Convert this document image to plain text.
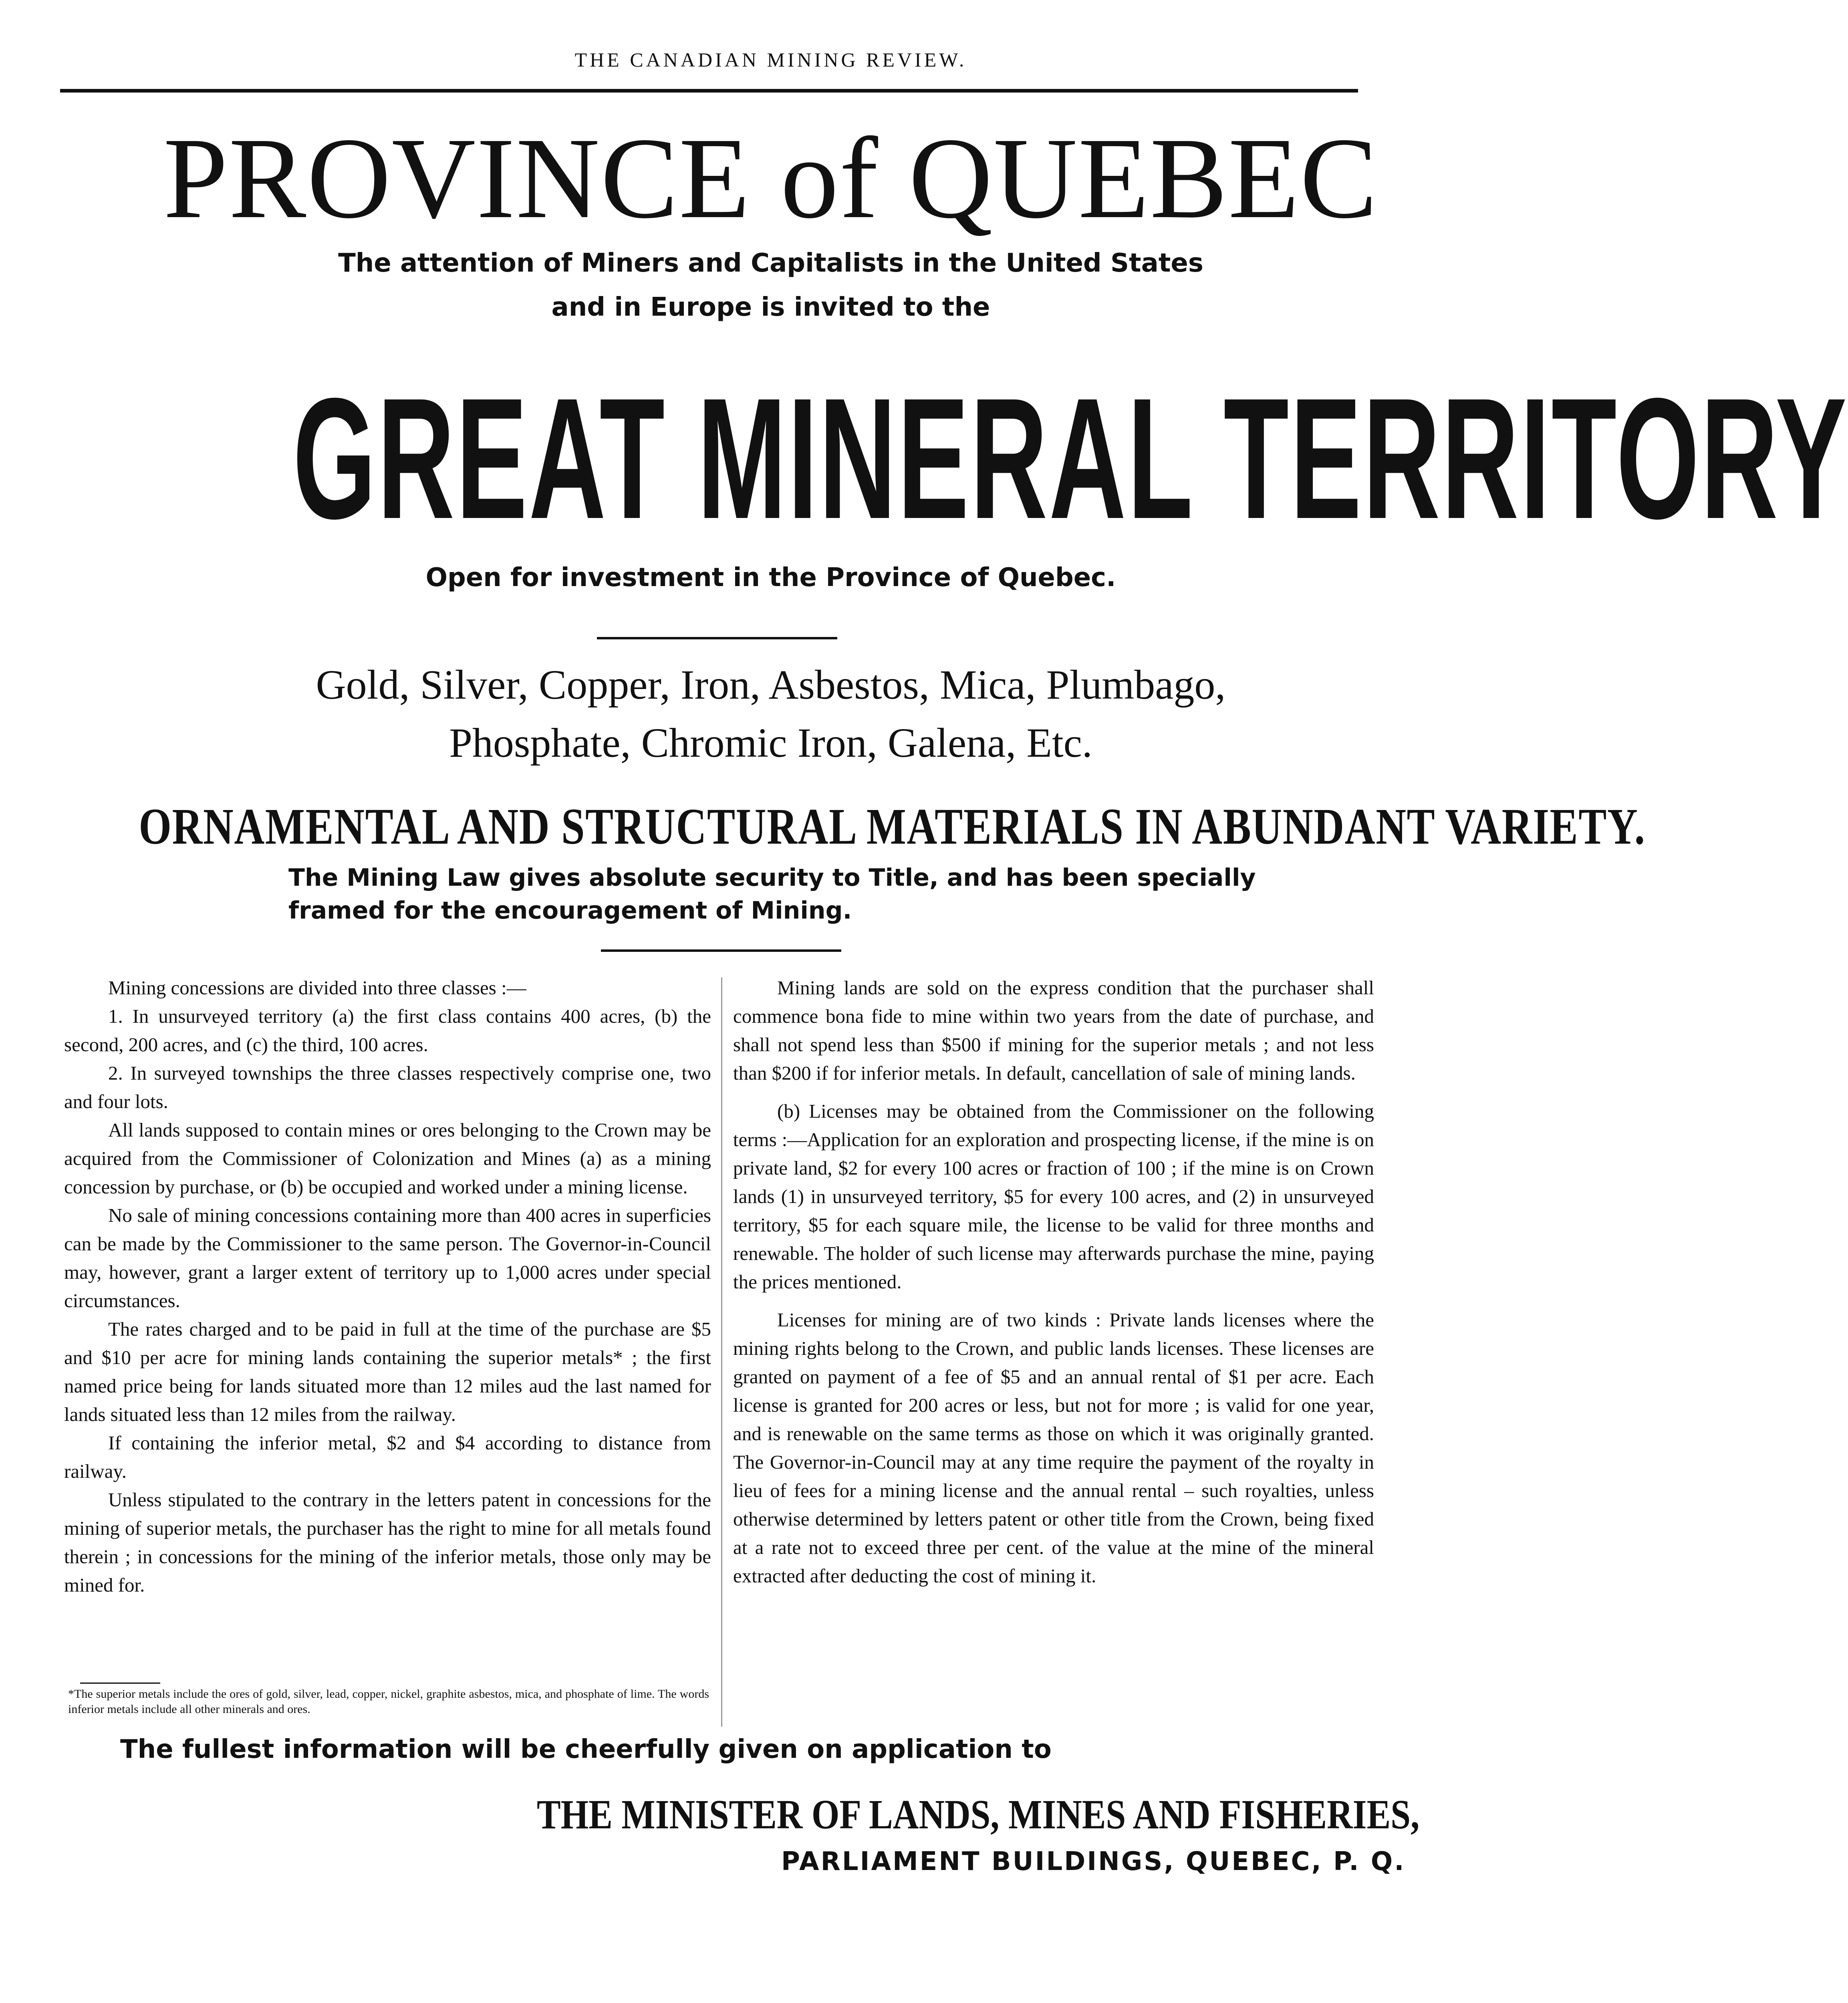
THE CANADIAN MINING REVIEW.
PROVINCE of QUEBEC
The attention of Miners and Capitalists in the United States
and in Europe is invited to the
GREAT MINERAL TERRITORY
Open for investment in the Province of Quebec.
Gold, Silver, Copper, Iron, Asbestos, Mica, Plumbago,
Phosphate, Chromic Iron, Galena, Etc.
ORNAMENTAL AND STRUCTURAL MATERIALS IN ABUNDANT VARIETY.
The Mining Law gives absolute security to Title, and has been specially framed for the encouragement of Mining.

Mining concessions are divided into three classes :—

1. In unsurveyed territory (a) the first class contains 400 acres, (b) the second, 200 acres, and (c) the third, 100 acres.

2. In surveyed townships the three classes respectively comprise one, two and four lots.

All lands supposed to contain mines or ores belonging to the Crown may be acquired from the Commissioner of Colonization and Mines (a) as a mining concession by purchase, or (b) be occupied and worked under a mining license.

No sale of mining concessions containing more than 400 acres in superficies can be made by the Commissioner to the same person. The Governor-in-Council may, however, grant a larger extent of territory up to 1,000 acres under special circumstances.

The rates charged and to be paid in full at the time of the purchase are $5 and $10 per acre for mining lands containing the superior metals* ; the first named price being for lands situated more than 12 miles aud the last named for lands situated less than 12 miles from the railway.

If containing the inferior metal, $2 and $4 according to distance from railway.

Unless stipulated to the contrary in the letters patent in concessions for the mining of superior metals, the purchaser has the right to mine for all metals found therein ; in concessions for the mining of the inferior metals, those only may be mined for.

Mining lands are sold on the express condition that the purchaser shall commence bona fide to mine within two years from the date of purchase, and shall not spend less than $500 if mining for the superior metals ; and not less than $200 if for inferior metals. In default, cancellation of sale of mining lands.

(b) Licenses may be obtained from the Commissioner on the following terms :—Application for an exploration and prospecting license, if the mine is on private land, $2 for every 100 acres or fraction of 100 ; if the mine is on Crown lands (1) in unsurveyed territory, $5 for every 100 acres, and (2) in unsurveyed territory, $5 for each square mile, the license to be valid for three months and renewable. The holder of such license may afterwards purchase the mine, paying the prices mentioned.

Licenses for mining are of two kinds : Private lands licenses where the mining rights belong to the Crown, and public lands licenses. These licenses are granted on payment of a fee of $5 and an annual rental of $1 per acre. Each license is granted for 200 acres or less, but not for more ; is valid for one year, and is renewable on the same terms as those on which it was originally granted. The Governor-in-Council may at any time require the payment of the royalty in lieu of fees for a mining license and the annual rental – such royalties, unless otherwise determined by letters patent or other title from the Crown, being fixed at a rate not to exceed three per cent. of the value at the mine of the mineral extracted after deducting the cost of mining it.

*The superior metals include the ores of gold, silver, lead, copper, nickel, graphite asbestos, mica, and phosphate of lime. The words inferior metals include all other minerals and ores.
The fullest information will be cheerfully given on application to
THE MINISTER OF LANDS, MINES AND FISHERIES,
PARLIAMENT BUILDINGS, QUEBEC, P. Q.
